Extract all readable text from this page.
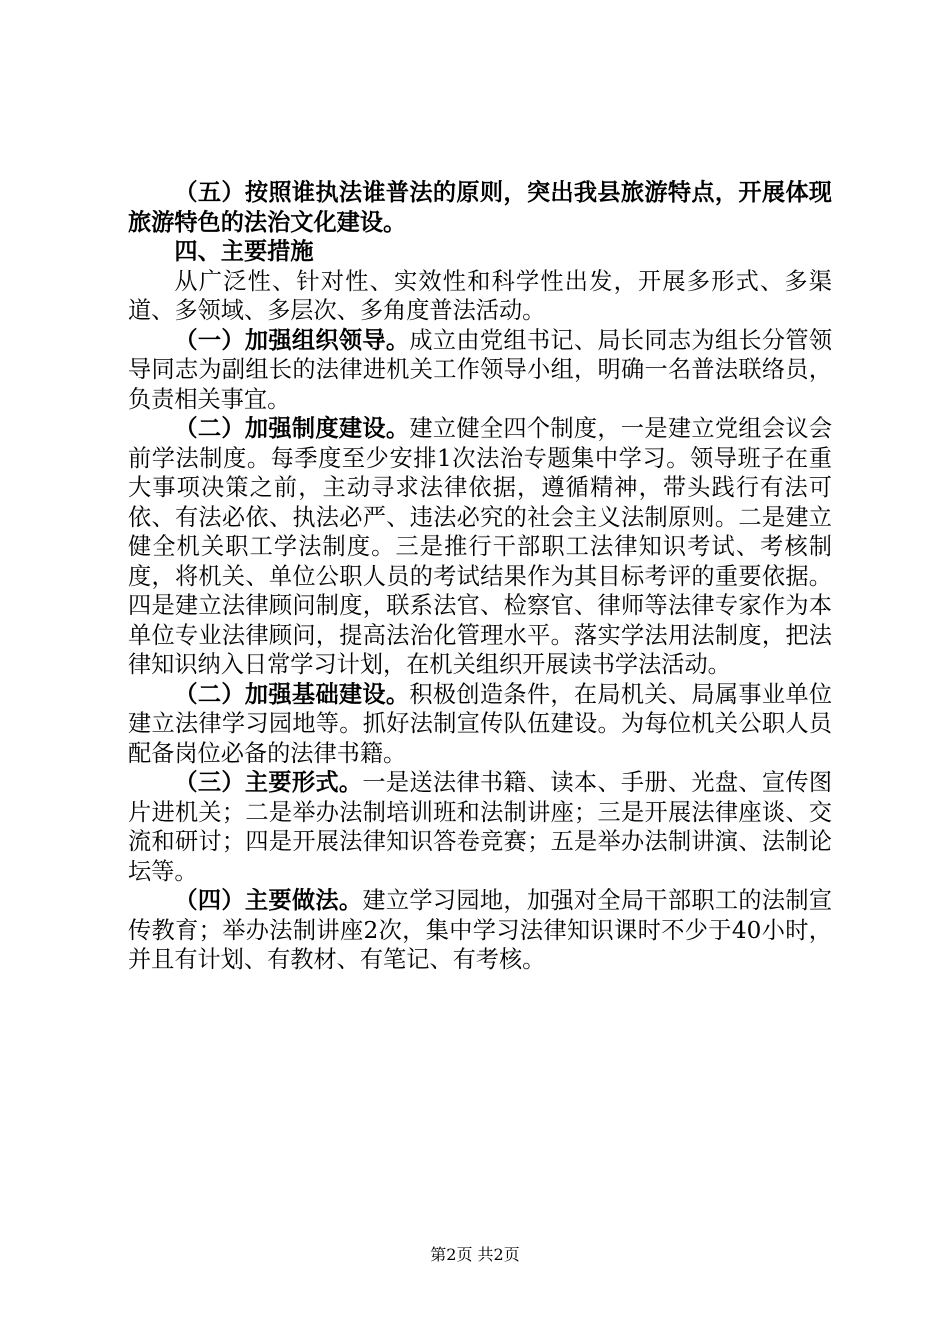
（五）按照谁执法谁普法的原则，突出我县旅游特点，开展体现旅游特色的法治文化建设。

四、主要措施

从广泛性、针对性、实效性和科学性出发，开展多形式、多渠道、多领域、多层次、多角度普法活动。

（一）加强组织领导。成立由党组书记、局长同志为组长分管领导同志为副组长的法律进机关工作领导小组，明确一名普法联络员，负责相关事宜。

（二）加强制度建设。建立健全四个制度，一是建立党组会议会前学法制度。每季度至少安排1次法治专题集中学习。领导班子在重大事项决策之前，主动寻求法律依据，遵循精神，带头践行有法可依、有法必依、执法必严、违法必究的社会主义法制原则。二是建立健全机关职工学法制度。三是推行干部职工法律知识考试、考核制度，将机关、单位公职人员的考试结果作为其目标考评的重要依据。四是建立法律顾问制度，联系法官、检察官、律师等法律专家作为本单位专业法律顾问，提高法治化管理水平。落实学法用法制度，把法律知识纳入日常学习计划，在机关组织开展读书学法活动。

（二）加强基础建设。积极创造条件，在局机关、局属事业单位建立法律学习园地等。抓好法制宣传队伍建设。为每位机关公职人员配备岗位必备的法律书籍。

（三）主要形式。一是送法律书籍、读本、手册、光盘、宣传图片进机关；二是举办法制培训班和法制讲座；三是开展法律座谈、交流和研讨；四是开展法律知识答卷竞赛；五是举办法制讲演、法制论坛等。

（四）主要做法。建立学习园地，加强对全局干部职工的法制宣传教育；举办法制讲座2次，集中学习法律知识课时不少于40小时，并且有计划、有教材、有笔记、有考核。

第2页 共2页
